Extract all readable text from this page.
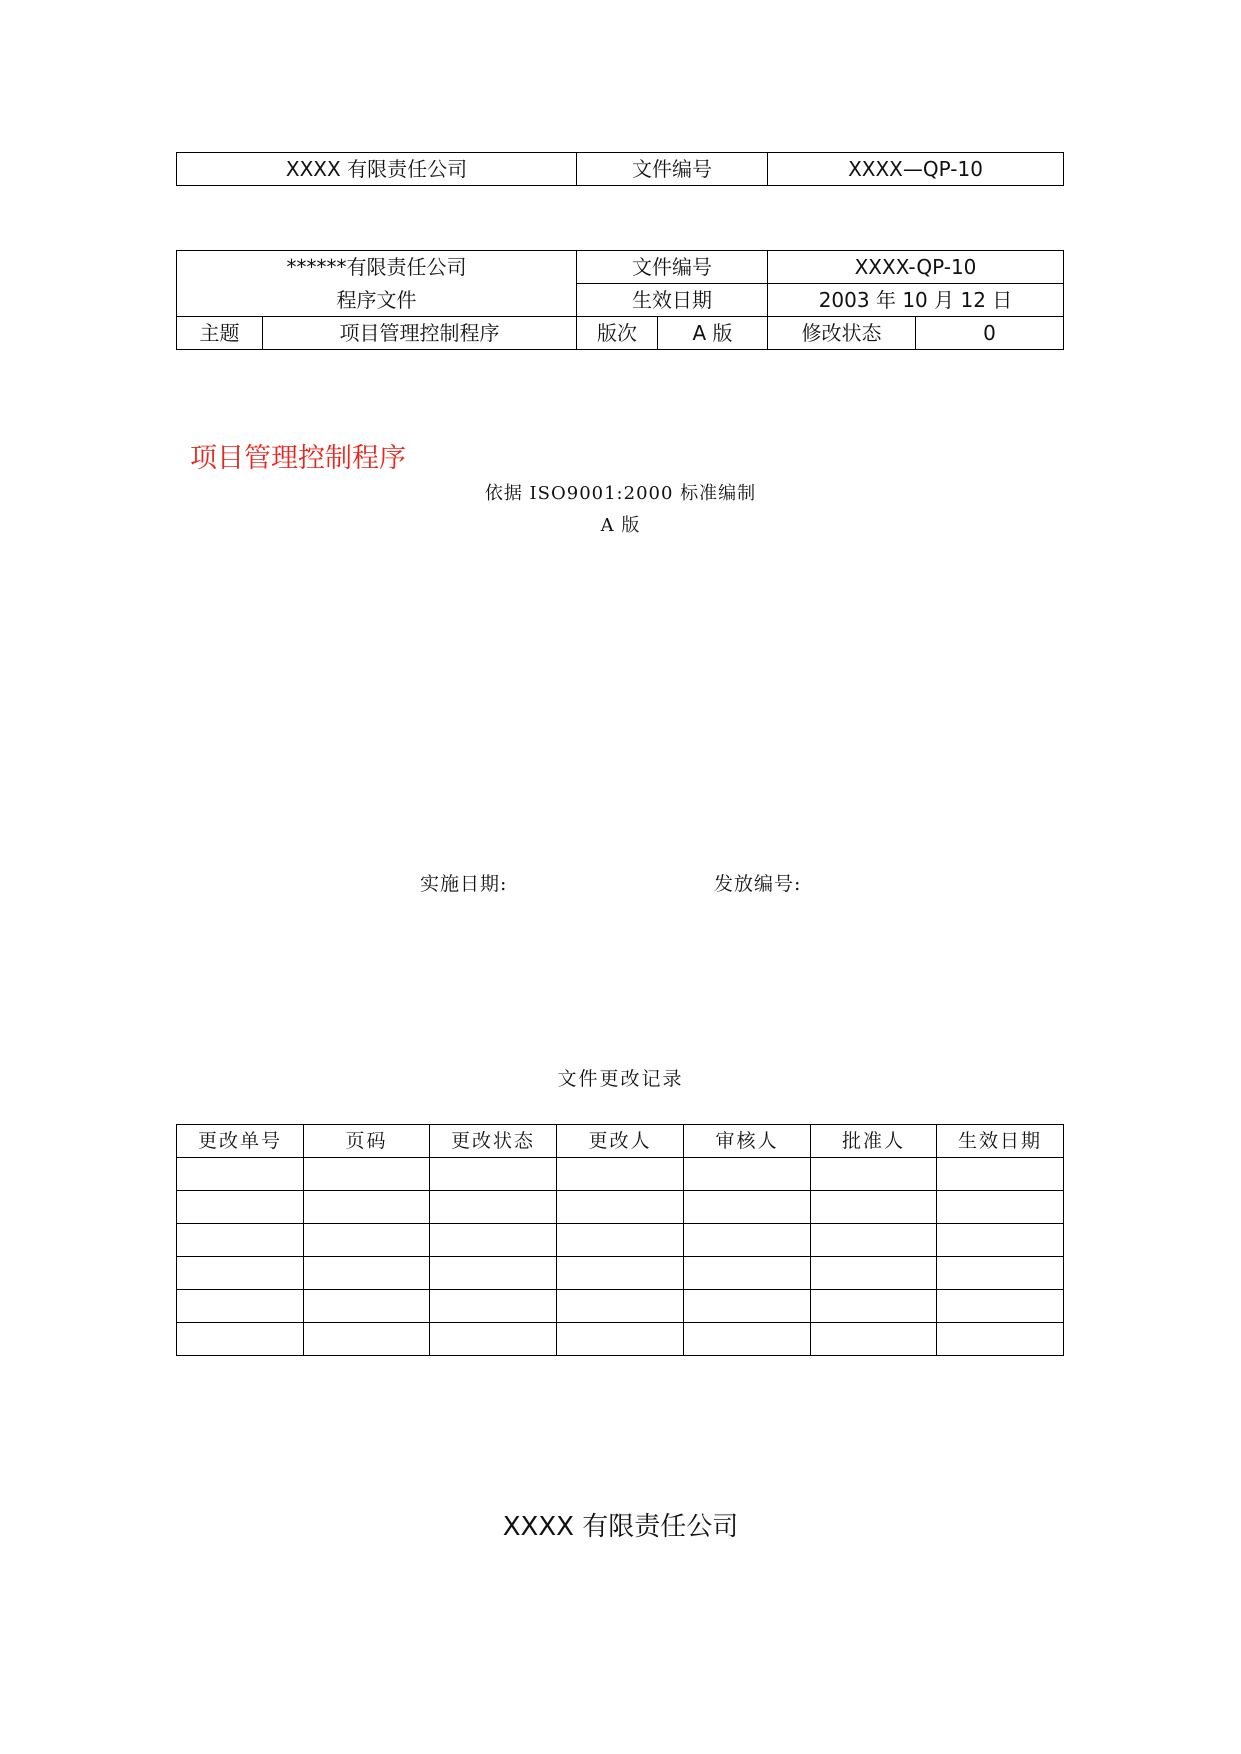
XXXX 有限责任公司	文件编号	XXXX—QP-10
******有限责任公司		文件编号		XXXX-QP-10	
程序文件		生效日期		2003 年 10 月 12 日	
主题	项目管理控制程序	版次	A 版	修改状态	0
项目管理控制程序
依据 ISO9001:2000 标准编制
A 版
实施日期:	发放编号:
文件更改记录
更改单号	页码	更改状态	更改人	审核人	批准人	生效日期

XXXX 有限责任公司
